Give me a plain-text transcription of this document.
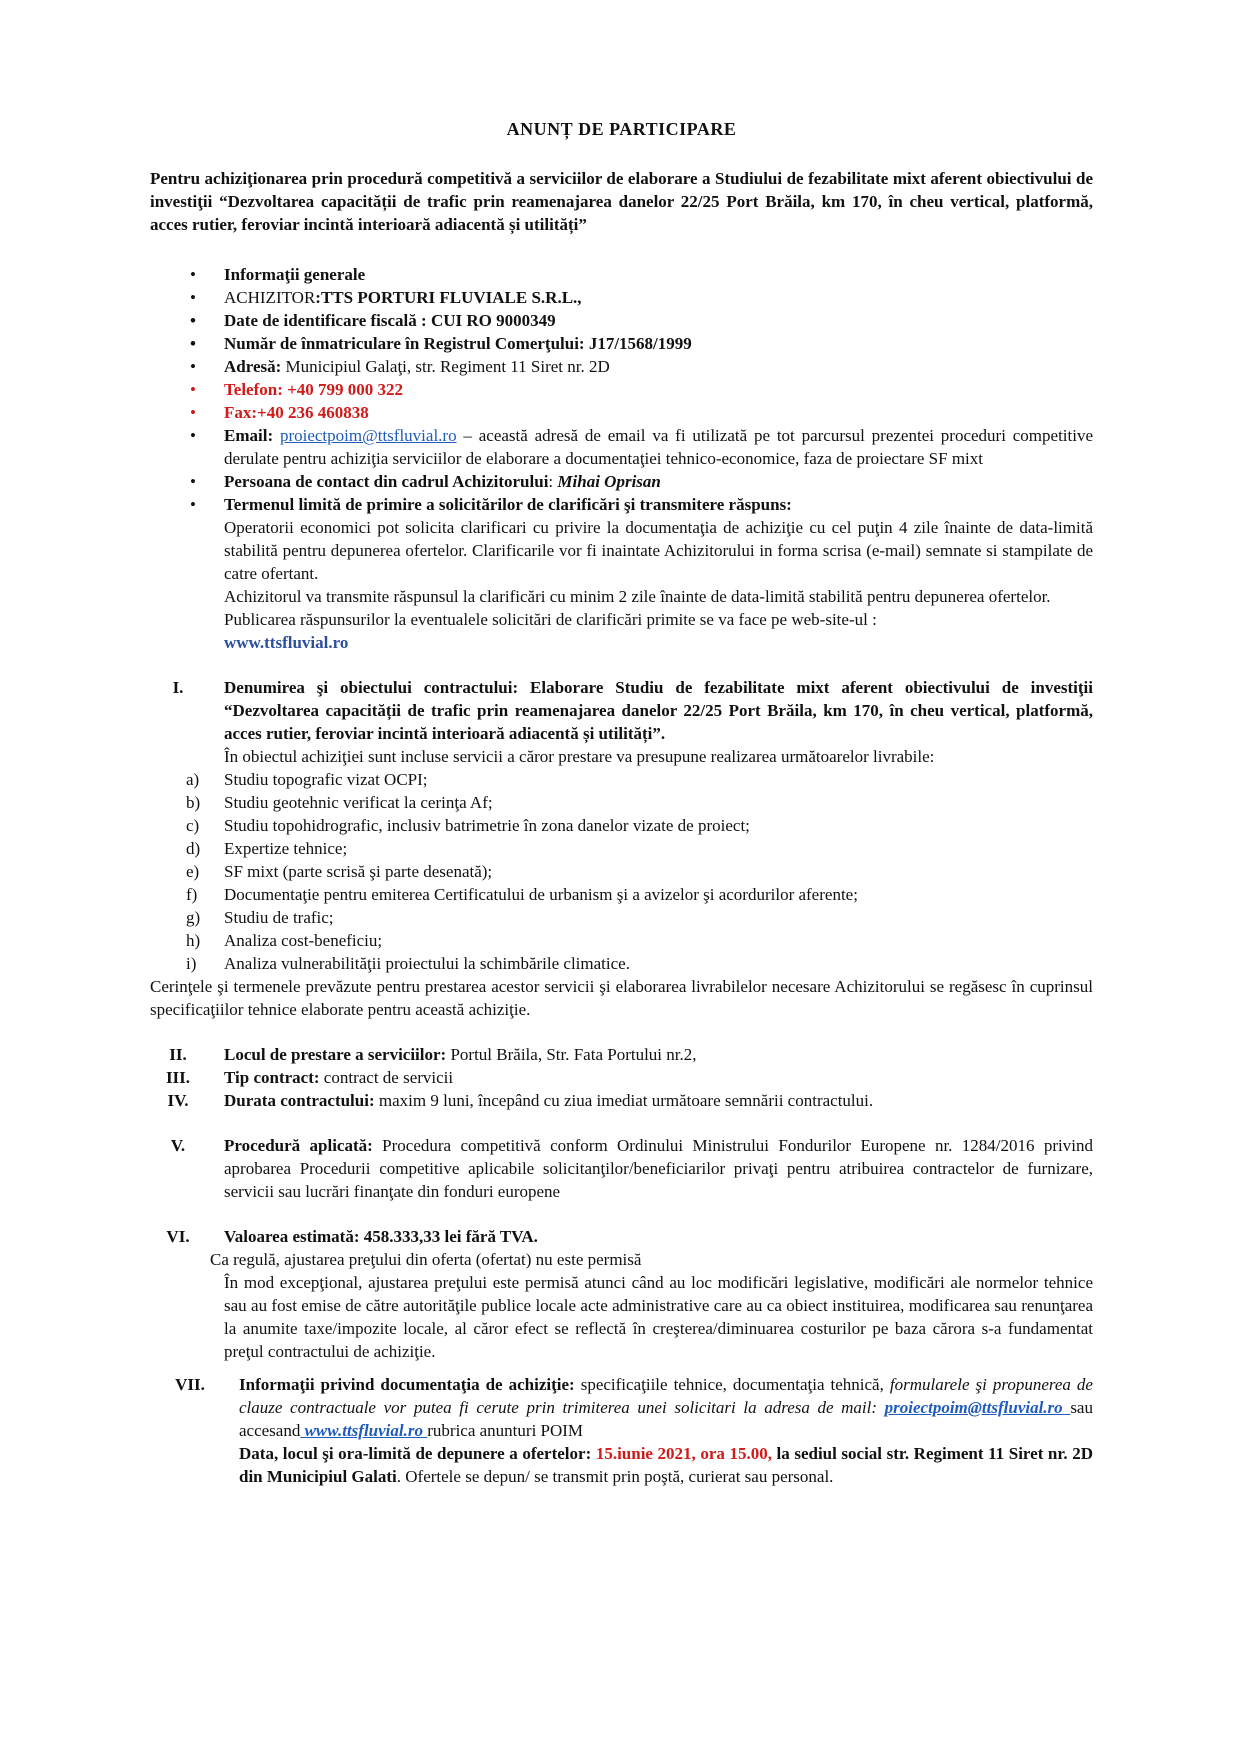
ANUNȚ DE PARTICIPARE
Pentru achiziţionarea prin procedură competitivă a serviciilor de elaborare a Studiului de fezabilitate mixt aferent obiectivului de investiţii “Dezvoltarea capacității de trafic prin reamenajarea danelor 22/25 Port Brăila, km 170, în cheu vertical, platformă, acces rutier, feroviar incintă interioară adiacentă și utilități”
• Informaţii generale
• ACHIZITOR:TTS PORTURI FLUVIALE S.R.L.,
• Date de identificare fiscală : CUI RO 9000349
• Număr de înmatriculare în Registrul Comerţului: J17/1568/1999
• Adresă: Municipiul Galaţi, str. Regiment 11 Siret nr. 2D
• Telefon: +40 799 000 322
• Fax:+40 236 460838
• Email: proiectpoim@ttsfluvial.ro – această adresă de email va fi utilizată pe tot parcursul prezentei proceduri competitive derulate pentru achiziţia serviciilor de elaborare a documentaţiei tehnico-economice, faza de proiectare SF mixt
• Persoana de contact din cadrul Achizitorului: Mihai Oprisan
• Termenul limită de primire a solicitărilor de clarificări şi transmitere răspuns:
Operatorii economici pot solicita clarificari cu privire la documentaţia de achiziţie cu cel puţin 4 zile înainte de data-limită stabilită pentru depunerea ofertelor. Clarificarile vor fi inaintate Achizitorului in forma scrisa (e-mail) semnate si stampilate de catre ofertant.
Achizitorul va transmite răspunsul la clarificări cu minim 2 zile înainte de data-limită stabilită pentru depunerea ofertelor.
Publicarea răspunsurilor la eventualele solicitări de clarificări primite se va face pe web-site-ul :
www.ttsfluvial.ro
I.	Denumirea şi obiectului contractului: Elaborare Studiu de fezabilitate mixt aferent obiectivului de investiţii “Dezvoltarea capacității de trafic prin reamenajarea danelor 22/25 Port Brăila, km 170, în cheu vertical, platformă, acces rutier, feroviar incintă interioară adiacentă și utilități”.
În obiectul achiziţiei sunt incluse servicii a căror prestare va presupune realizarea următoarelor livrabile:
a) Studiu topografic vizat OCPI;
b) Studiu geotehnic verificat la cerinţa Af;
c) Studiu topohidrografic, inclusiv batrimetrie în zona danelor vizate de proiect;
d) Expertize tehnice;
e) SF mixt (parte scrisă şi parte desenată);
f) Documentaţie pentru emiterea Certificatului de urbanism şi a avizelor şi acordurilor aferente;
g) Studiu de trafic;
h) Analiza cost-beneficiu;
i) Analiza vulnerabilităţii proiectului la schimbările climatice.
Cerinţele şi termenele prevăzute pentru prestarea acestor servicii şi elaborarea livrabilelor necesare Achizitorului se regăsesc în cuprinsul specificaţiilor tehnice elaborate pentru această achiziţie.
II.	Locul de prestare a serviciilor: Portul Brăila, Str. Fata Portului nr.2,
III.	Tip contract: contract de servicii
IV.	Durata contractului: maxim 9 luni, începând cu ziua imediat următoare semnării contractului.
V.	Procedură aplicată: Procedura competitivă conform Ordinului Ministrului Fondurilor Europene nr. 1284/2016 privind aprobarea Procedurii competitive aplicabile solicitanţilor/beneficiarilor privaţi pentru atribuirea contractelor de furnizare, servicii sau lucrări finanţate din fonduri europene
VI.	Valoarea estimată: 458.333,33 lei fără TVA.
Ca regulă, ajustarea preţului din oferta (ofertat) nu este permisă
În mod excepţional, ajustarea preţului este permisă atunci când au loc modificări legislative, modificări ale normelor tehnice sau au fost emise de către autorităţile publice locale acte administrative care au ca obiect instituirea, modificarea sau renunţarea la anumite taxe/impozite locale, al căror efect se reflectă în creşterea/diminuarea costurilor pe baza cărora s-a fundamentat preţul contractului de achiziţie.
VII.	Informaţii privind documentaţia de achiziţie: specificaţiile tehnice, documentaţia tehnică, formularele şi propunerea de clauze contractuale vor putea fi cerute prin trimiterea unei solicitari la adresa de mail: proiectpoim@ttsfluvial.ro sau accesand www.ttsfluvial.ro rubrica anunturi POIM
Data, locul şi ora-limită de depunere a ofertelor: 15.iunie 2021, ora 15.00, la sediul social str. Regiment 11 Siret nr. 2D din Municipiul Galati. Ofertele se depun/ se transmit prin poştă, curierat sau personal.
